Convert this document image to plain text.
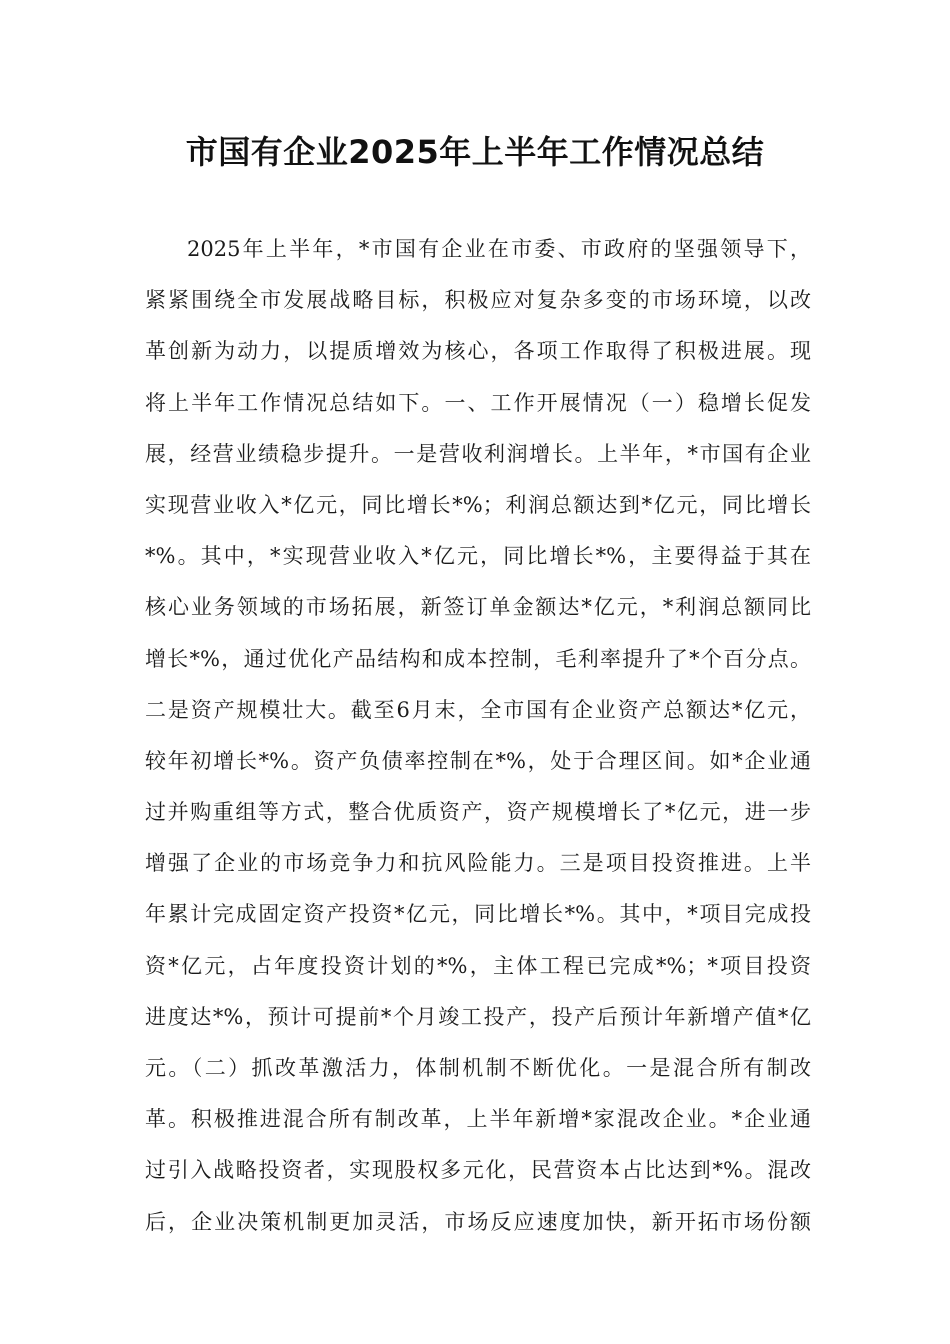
市国有企业2025年上半年工作情况总结
2025年上半年，*市国有企业在市委、市政府的坚强领导下，
紧紧围绕全市发展战略目标，积极应对复杂多变的市场环境，以改
革创新为动力，以提质增效为核心，各项工作取得了积极进展。现
将上半年工作情况总结如下。一、工作开展情况（一）稳增长促发
展，经营业绩稳步提升。一是营收利润增长。上半年，*市国有企业
实现营业收入*亿元，同比增长*%；利润总额达到*亿元，同比增长
*%。其中，*实现营业收入*亿元，同比增长*%，主要得益于其在
核心业务领域的市场拓展，新签订单金额达*亿元，*利润总额同比
增长*%，通过优化产品结构和成本控制，毛利率提升了*个百分点。
二是资产规模壮大。截至6月末，全市国有企业资产总额达*亿元，
较年初增长*%。资产负债率控制在*%，处于合理区间。如*企业通
过并购重组等方式，整合优质资产，资产规模增长了*亿元，进一步
增强了企业的市场竞争力和抗风险能力。三是项目投资推进。上半
年累计完成固定资产投资*亿元，同比增长*%。其中，*项目完成投
资*亿元，占年度投资计划的*%，主体工程已完成*%；*项目投资
进度达*%，预计可提前*个月竣工投产，投产后预计年新增产值*亿
元。（二）抓改革激活力，体制机制不断优化。一是混合所有制改
革。积极推进混合所有制改革，上半年新增*家混改企业。*企业通
过引入战略投资者，实现股权多元化，民营资本占比达到*%。混改
后，企业决策机制更加灵活，市场反应速度加快，新开拓市场份额
